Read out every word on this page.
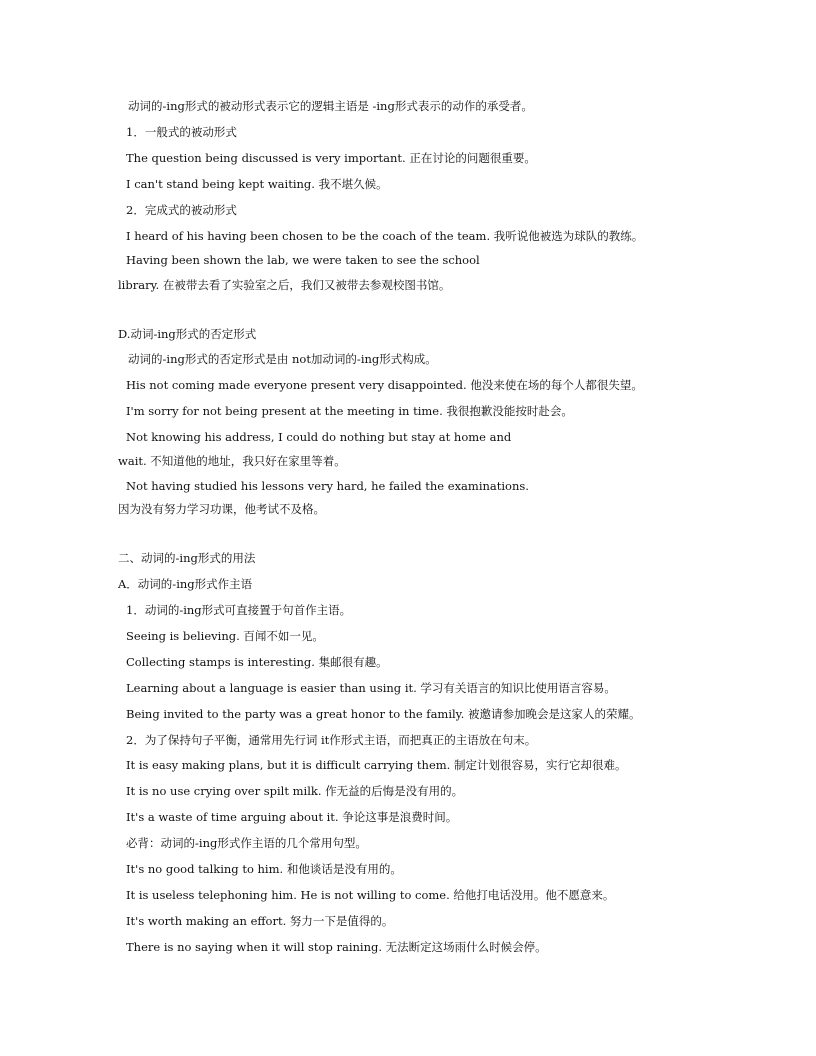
动词的-ing形式的被动形式表示它的逻辑主语是 -ing形式表示的动作的承受者。
1．一般式的被动形式
The question being discussed is very important. 正在讨论的问题很重要。
I can't stand being kept waiting. 我不堪久候。
2．完成式的被动形式
I heard of his having been chosen to be the coach of the team. 我听说他被选为球队的教练。
Having been shown the lab, we were taken to see the school
library. 在被带去看了实验室之后，我们又被带去参观校图书馆。
D.动词-ing形式的否定形式
动词的-ing形式的否定形式是由 not加动词的-ing形式构成。
His not coming made everyone present very disappointed. 他没来使在场的每个人都很失望。
I'm sorry for not being present at the meeting in time. 我很抱歉没能按时赴会。
Not knowing his address, I could do nothing but stay at home and
wait. 不知道他的地址，我只好在家里等着。
Not having studied his lessons very hard, he failed the examinations.
因为没有努力学习功课，他考试不及格。
二、动词的-ing形式的用法
A．动词的-ing形式作主语
1．动词的-ing形式可直接置于句首作主语。
Seeing is believing. 百闻不如一见。
Collecting stamps is interesting. 集邮很有趣。
Learning about a language is easier than using it. 学习有关语言的知识比使用语言容易。
Being invited to the party was a great honor to the family. 被邀请参加晚会是这家人的荣耀。
2．为了保持句子平衡，通常用先行词 it作形式主语，而把真正的主语放在句末。
It is easy making plans, but it is difficult carrying them. 制定计划很容易，实行它却很难。
It is no use crying over spilt milk. 作无益的后悔是没有用的。
It's a waste of time arguing about it. 争论这事是浪费时间。
必背：动词的-ing形式作主语的几个常用句型。
It's no good talking to him. 和他谈话是没有用的。
It is useless telephoning him. He is not willing to come. 给他打电话没用。他不愿意来。
It's worth making an effort. 努力一下是值得的。
There is no saying when it will stop raining. 无法断定这场雨什么时候会停。
